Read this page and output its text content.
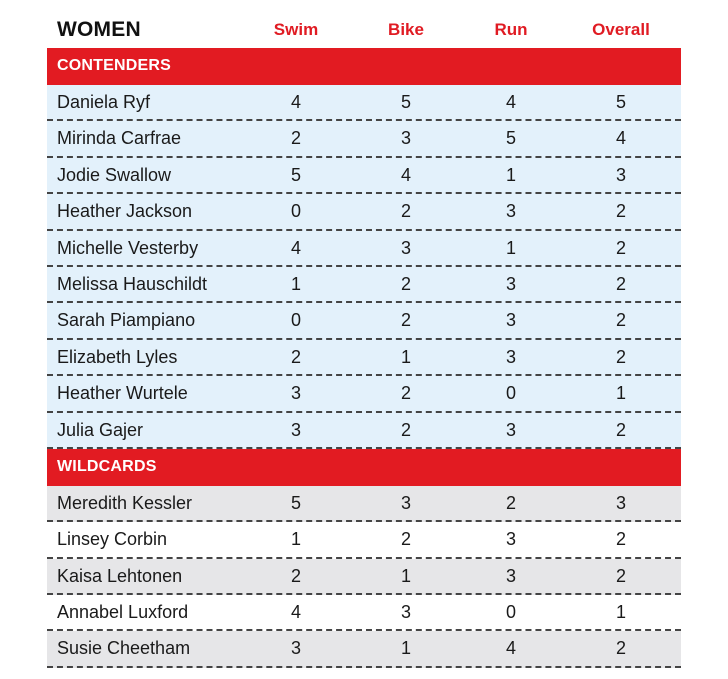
WOMEN	Swim	Bike	Run	Overall
CONTENDERS
Daniela Ryf	4	5	4	5
Mirinda Carfrae	2	3	5	4
Jodie Swallow	5	4	1	3
Heather Jackson	0	2	3	2
Michelle Vesterby	4	3	1	2
Melissa Hauschildt	1	2	3	2
Sarah Piampiano	0	2	3	2
Elizabeth Lyles	2	1	3	2
Heather Wurtele	3	2	0	1
Julia Gajer	3	2	3	2
WILDCARDS
Meredith Kessler	5	3	2	3
Linsey Corbin	1	2	3	2
Kaisa Lehtonen	2	1	3	2
Annabel Luxford	4	3	0	1
Susie Cheetham	3	1	4	2
